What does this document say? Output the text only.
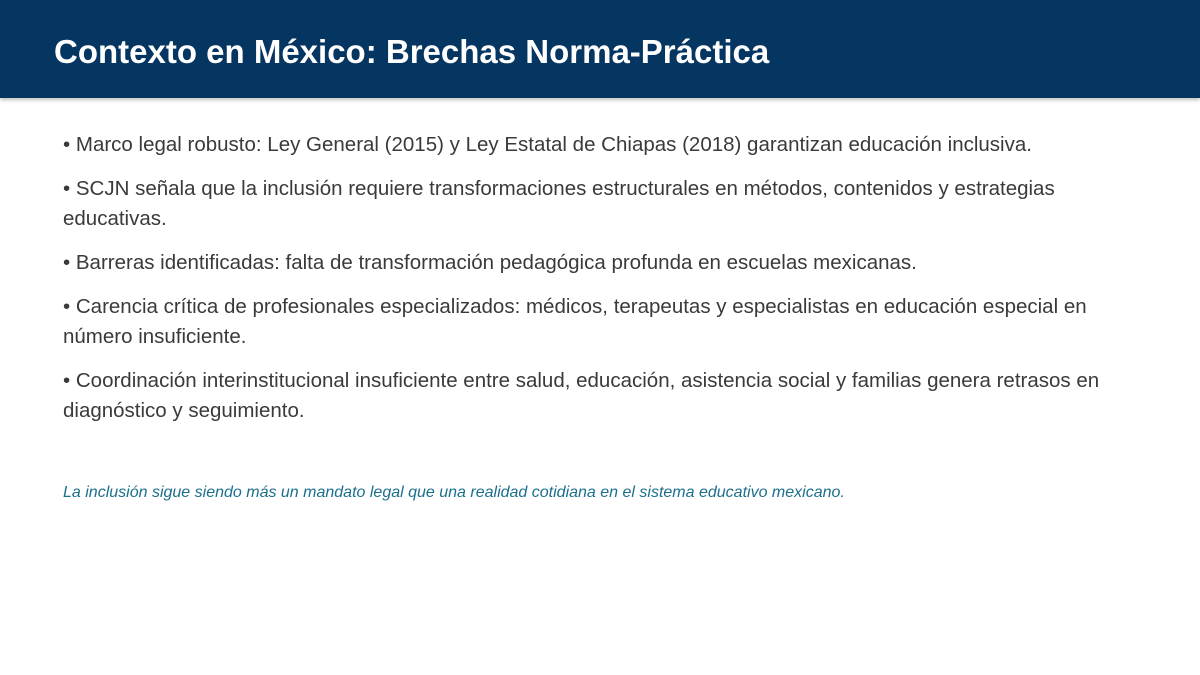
Contexto en México: Brechas Norma-Práctica

• Marco legal robusto: Ley General (2015) y Ley Estatal de Chiapas (2018) garantizan educación inclusiva.

• SCJN señala que la inclusión requiere transformaciones estructurales en métodos, contenidos y estrategias educativas.

• Barreras identificadas: falta de transformación pedagógica profunda en escuelas mexicanas.

• Carencia crítica de profesionales especializados: médicos, terapeutas y especialistas en educación especial en número insuficiente.

• Coordinación interinstitucional insuficiente entre salud, educación, asistencia social y familias genera retrasos en diagnóstico y seguimiento.

La inclusión sigue siendo más un mandato legal que una realidad cotidiana en el sistema educativo mexicano.
